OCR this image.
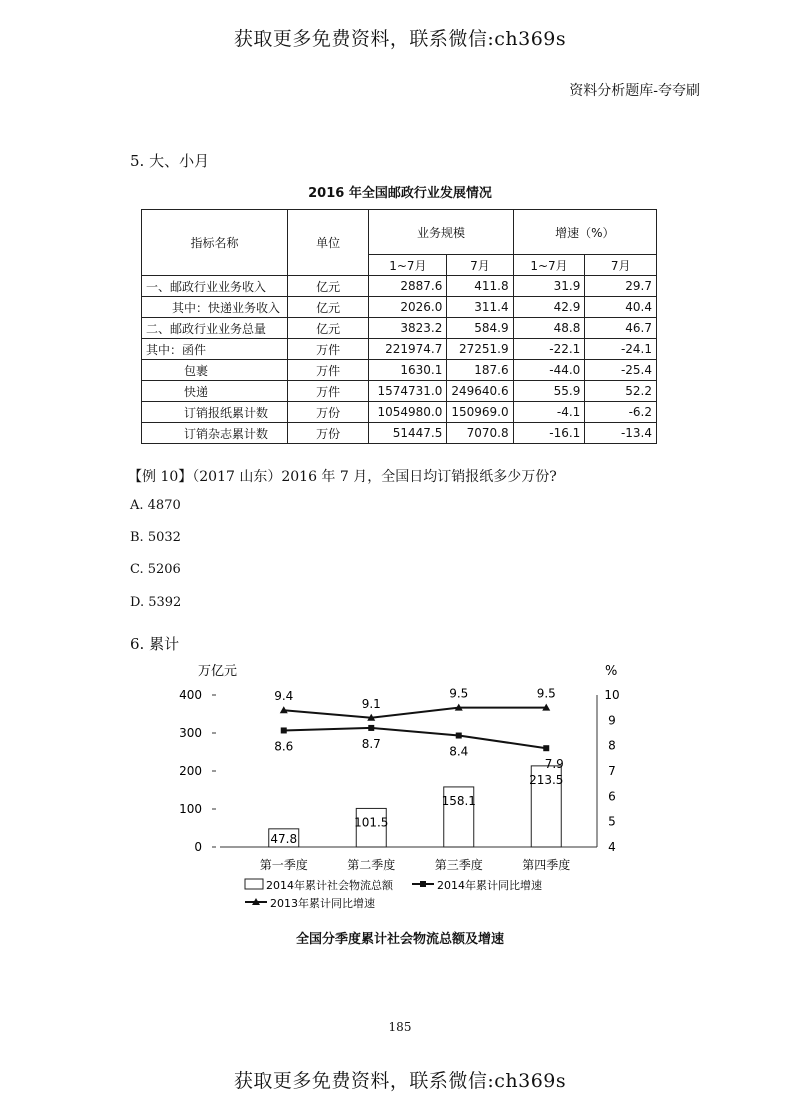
获取更多免费资料，联系微信:ch369s
资料分析题库-夸夸刷
5. 大、小月
2016 年全国邮政行业发展情况
指标名称	单位	业务规模		增速（%）	
		1~7月	7月	1~7月	7月
一、邮政行业业务收入	亿元	2887.6	411.8	31.9	29.7
其中：快递业务收入	亿元	2026.0	311.4	42.9	40.4
二、邮政行业业务总量	亿元	3823.2	584.9	48.8	46.7
其中：函件	万件	221974.7	27251.9	-22.1	-24.1
包裹	万件	1630.1	187.6	-44.0	-25.4
快递	万件	1574731.0	249640.6	55.9	52.2
订销报纸累计数	万份	1054980.0	150969.0	-4.1	-6.2
订销杂志累计数	万份	51447.5	7070.8	-16.1	-13.4
【例 10】（2017 山东）2016 年 7 月，全国日均订销报纸多少万份?
A. 4870
B. 5032
C. 5206
D. 5392
6. 累计
万亿元	%
0
100
200
300
400
4
5
6
7
8
9
10
第一季度	第二季度	第三季度	第四季度
47.8
101.5
158.1
213.5
8.6	8.7
8.4
7.9
9.4
9.1
9.5	9.5
2014年累计社会物流总额	2014年累计同比增速
2013年累计同比增速
全国分季度累计社会物流总额及增速
185
获取更多免费资料，联系微信:ch369s
